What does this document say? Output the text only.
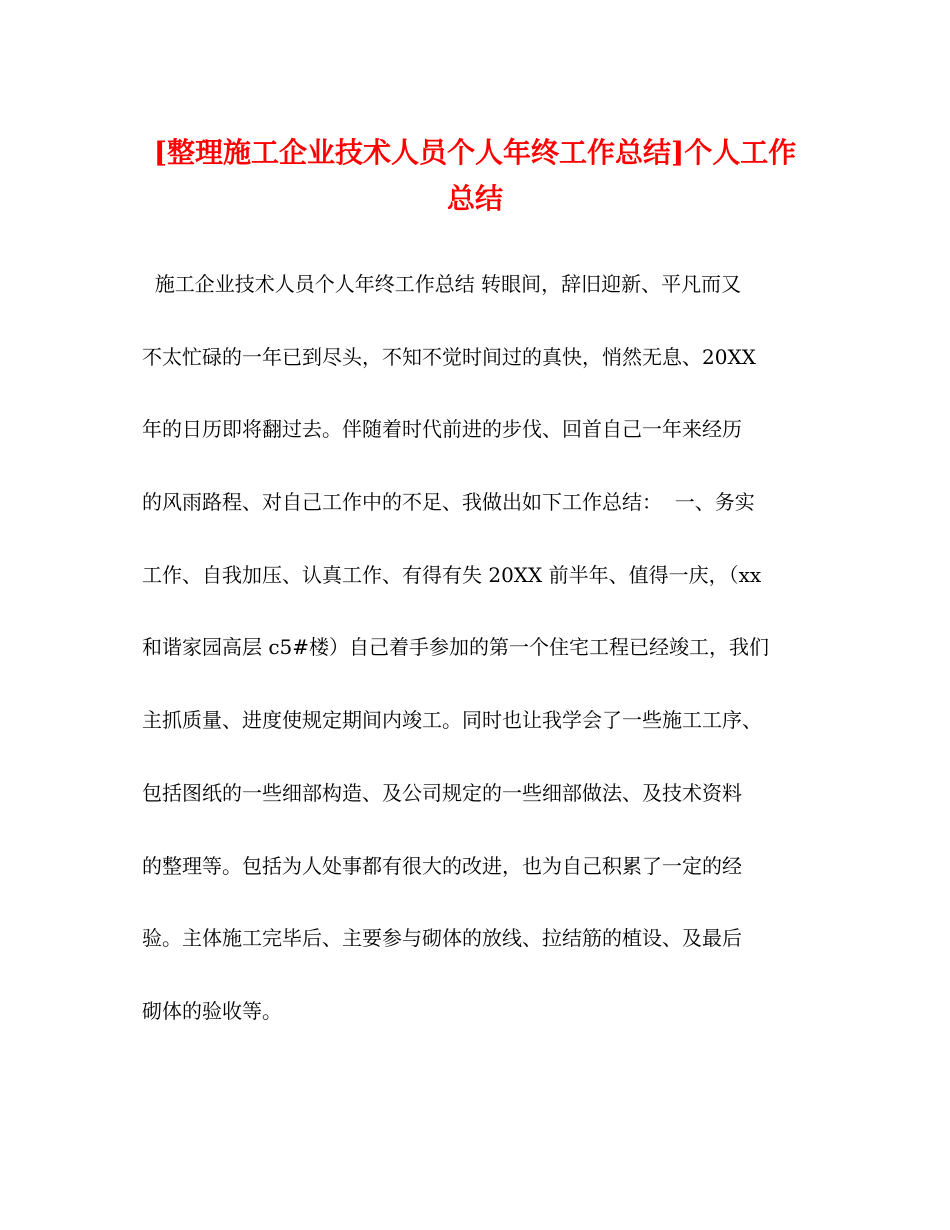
[整理施工企业技术人员个人年终工作总结]个人工作
总结
施工企业技术人员个人年终工作总结 转眼间，辞旧迎新、平凡而又
不太忙碌的一年已到尽头，不知不觉时间过的真快，悄然无息、20XX
年的日历即将翻过去。伴随着时代前进的步伐、回首自己一年来经历
的风雨路程、对自己工作中的不足、我做出如下工作总结：  一、务实
工作、自我加压、认真工作、有得有失 20XX 前半年、值得一庆，（xx
和谐家园高层 c5#楼）自己着手参加的第一个住宅工程已经竣工，我们
主抓质量、进度使规定期间内竣工。同时也让我学会了一些施工工序、
包括图纸的一些细部构造、及公司规定的一些细部做法、及技术资料
的整理等。包括为人处事都有很大的改进，也为自己积累了一定的经
验。主体施工完毕后、主要参与砌体的放线、拉结筋的植设、及最后
砌体的验收等。
